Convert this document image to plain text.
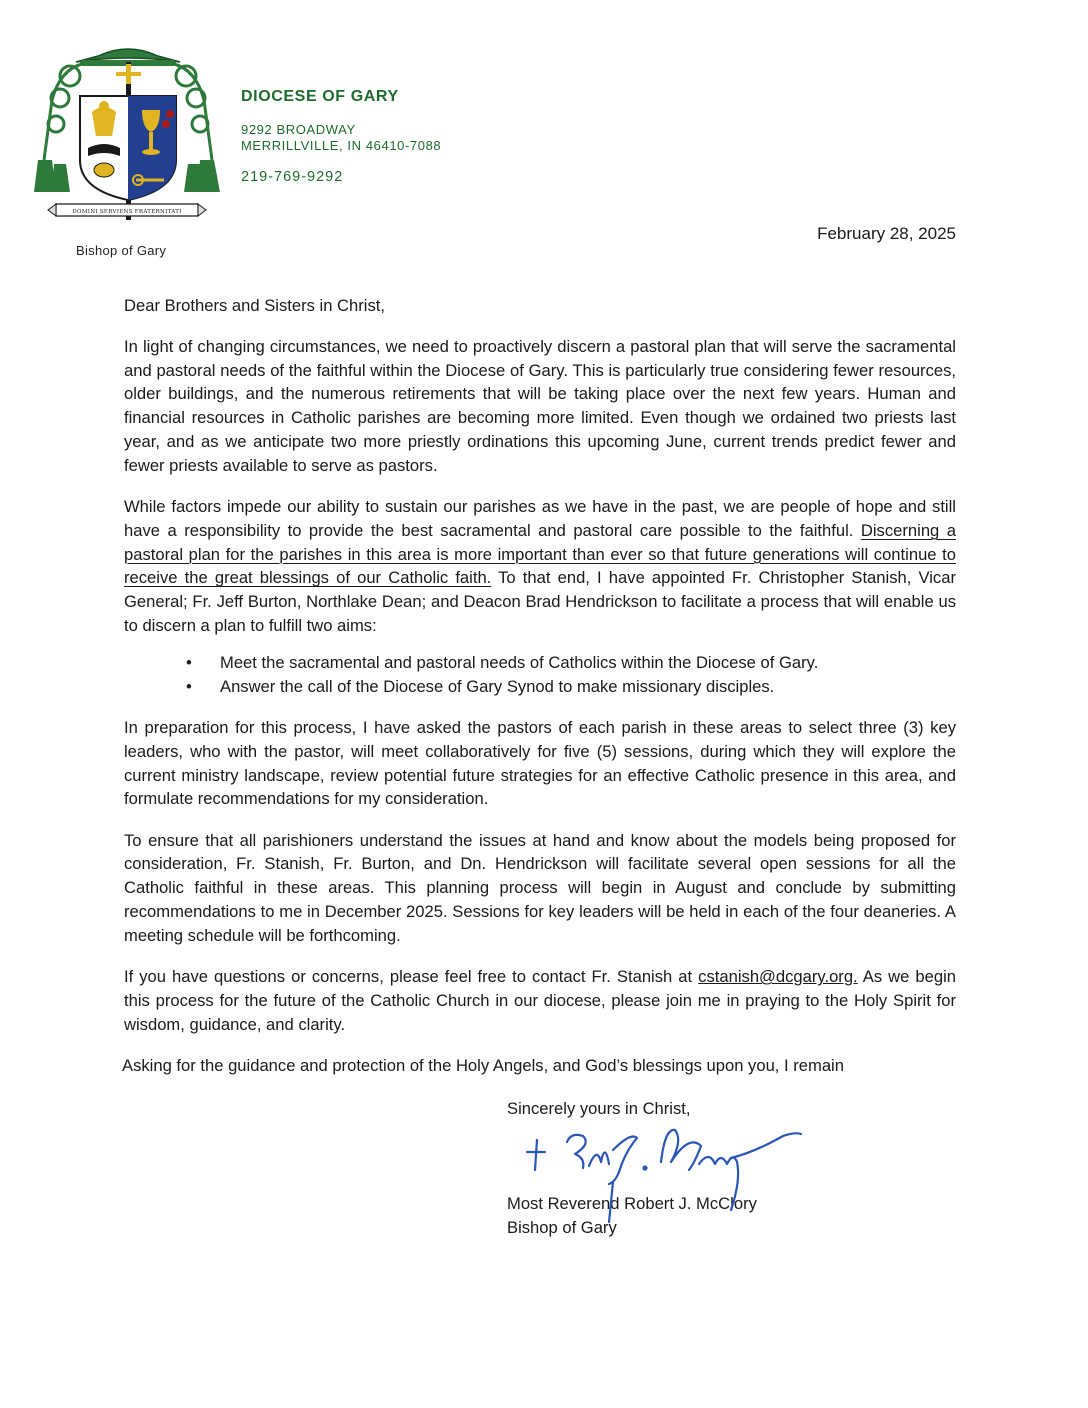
DOMINI SERVIENS FRATERNITATI
Bishop of Gary
DIOCESE OF GARY
9292 BROADWAY
MERRILLVILLE, IN 46410-7088
219-769-9292
February 28, 2025

Dear Brothers and Sisters in Christ,

In light of changing circumstances, we need to proactively discern a pastoral plan that will serve the sacramental and pastoral needs of the faithful within the Diocese of Gary. This is particularly true considering fewer resources, older buildings, and the numerous retirements that will be taking place over the next few years. Human and financial resources in Catholic parishes are becoming more limited. Even though we ordained two priests last year, and as we anticipate two more priestly ordinations this upcoming June, current trends predict fewer and fewer priests available to serve as pastors.

While factors impede our ability to sustain our parishes as we have in the past, we are people of hope and still have a responsibility to provide the best sacramental and pastoral care possible to the faithful. Discerning a pastoral plan for the parishes in this area is more important than ever so that future generations will continue to receive the great blessings of our Catholic faith. To that end, I have appointed Fr. Christopher Stanish, Vicar General; Fr. Jeff Burton, Northlake Dean; and Deacon Brad Hendrickson to facilitate a process that will enable us to discern a plan to fulfill two aims:

• Meet the sacramental and pastoral needs of Catholics within the Diocese of Gary.
• Answer the call of the Diocese of Gary Synod to make missionary disciples.

In preparation for this process, I have asked the pastors of each parish in these areas to select three (3) key leaders, who with the pastor, will meet collaboratively for five (5) sessions, during which they will explore the current ministry landscape, review potential future strategies for an effective Catholic presence in this area, and formulate recommendations for my consideration.

To ensure that all parishioners understand the issues at hand and know about the models being proposed for consideration, Fr. Stanish, Fr. Burton, and Dn. Hendrickson will facilitate several open sessions for all the Catholic faithful in these areas. This planning process will begin in August and conclude by submitting recommendations to me in December 2025. Sessions for key leaders will be held in each of the four deaneries. A meeting schedule will be forthcoming.

If you have questions or concerns, please feel free to contact Fr. Stanish at cstanish@dcgary.org. As we begin this process for the future of the Catholic Church in our diocese, please join me in praying to the Holy Spirit for wisdom, guidance, and clarity.

Asking for the guidance and protection of the Holy Angels, and God’s blessings upon you, I remain

Sincerely yours in Christ,
Most Reverend Robert J. McClory
Bishop of Gary
